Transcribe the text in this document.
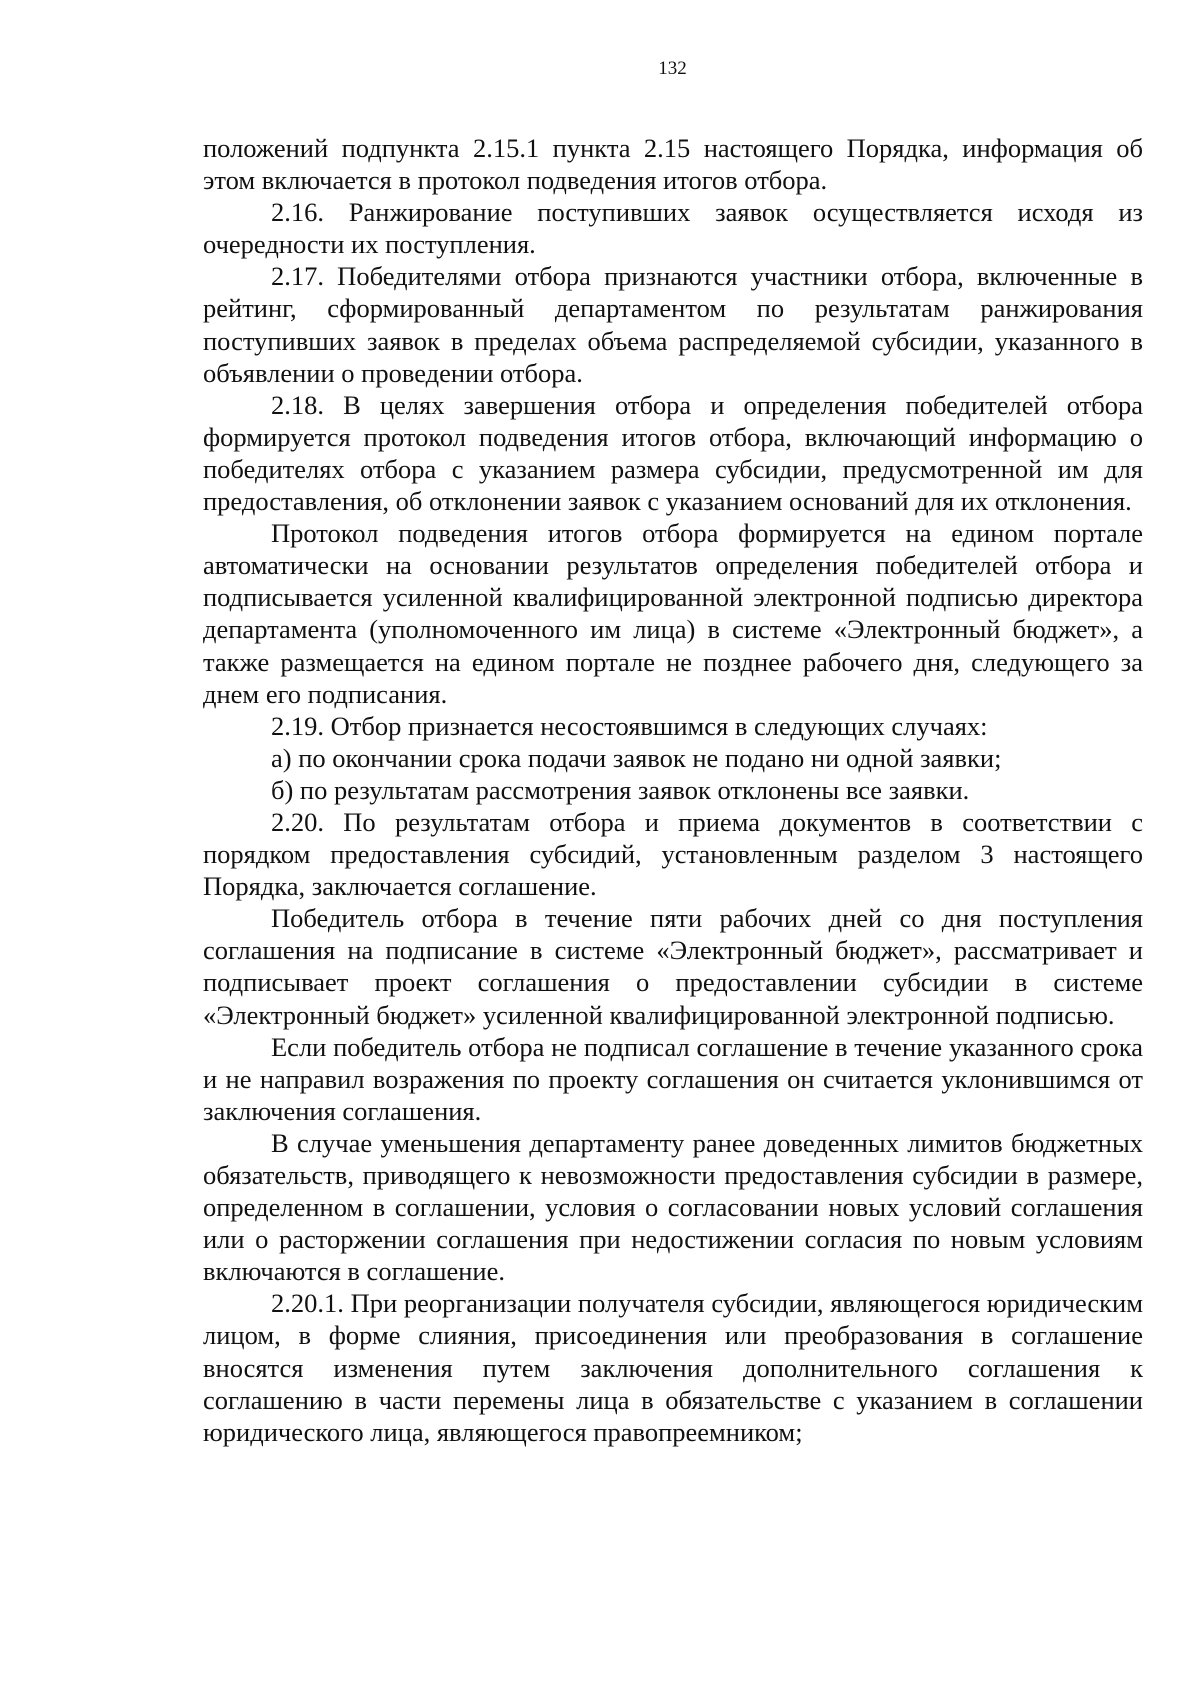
132

положений подпункта 2.15.1 пункта 2.15 настоящего Порядка, информация об этом включается в протокол подведения итогов отбора.

2.16. Ранжирование поступивших заявок осуществляется исходя из очередности их поступления.

2.17. Победителями отбора признаются участники отбора, включенные в рейтинг, сформированный департаментом по результатам ранжирования поступивших заявок в пределах объема распределяемой субсидии, указанного в объявлении о проведении отбора.

2.18. В целях завершения отбора и определения победителей отбора формируется протокол подведения итогов отбора, включающий информацию о победителях отбора с указанием размера субсидии, предусмотренной им для предоставления, об отклонении заявок с указанием оснований для их отклонения.

Протокол подведения итогов отбора формируется на едином портале автоматически на основании результатов определения победителей отбора и подписывается усиленной квалифицированной электронной подписью директора департамента (уполномоченного им лица) в системе «Электронный бюджет», а также размещается на едином портале не позднее рабочего дня, следующего за днем его подписания.

2.19. Отбор признается несостоявшимся в следующих случаях:

а) по окончании срока подачи заявок не подано ни одной заявки;

б) по результатам рассмотрения заявок отклонены все заявки.

2.20. По результатам отбора и приема документов в соответствии с порядком предоставления субсидий, установленным разделом 3 настоящего Порядка, заключается соглашение.

Победитель отбора в течение пяти рабочих дней со дня поступления соглашения на подписание в системе «Электронный бюджет», рассматривает и подписывает проект соглашения о предоставлении субсидии в системе «Электронный бюджет» усиленной квалифицированной электронной подписью.

Если победитель отбора не подписал соглашение в течение указанного срока и не направил возражения по проекту соглашения он считается уклонившимся от заключения соглашения.

В случае уменьшения департаменту ранее доведенных лимитов бюджетных обязательств, приводящего к невозможности предоставления субсидии в размере, определенном в соглашении, условия о согласовании новых условий соглашения или о расторжении соглашения при недостижении согласия по новым условиям включаются в соглашение.

2.20.1. При реорганизации получателя субсидии, являющегося юридическим лицом, в форме слияния, присоединения или преобразования в соглашение вносятся изменения путем заключения дополнительного соглашения к соглашению в части перемены лица в обязательстве с указанием в соглашении юридического лица, являющегося правопреемником;
